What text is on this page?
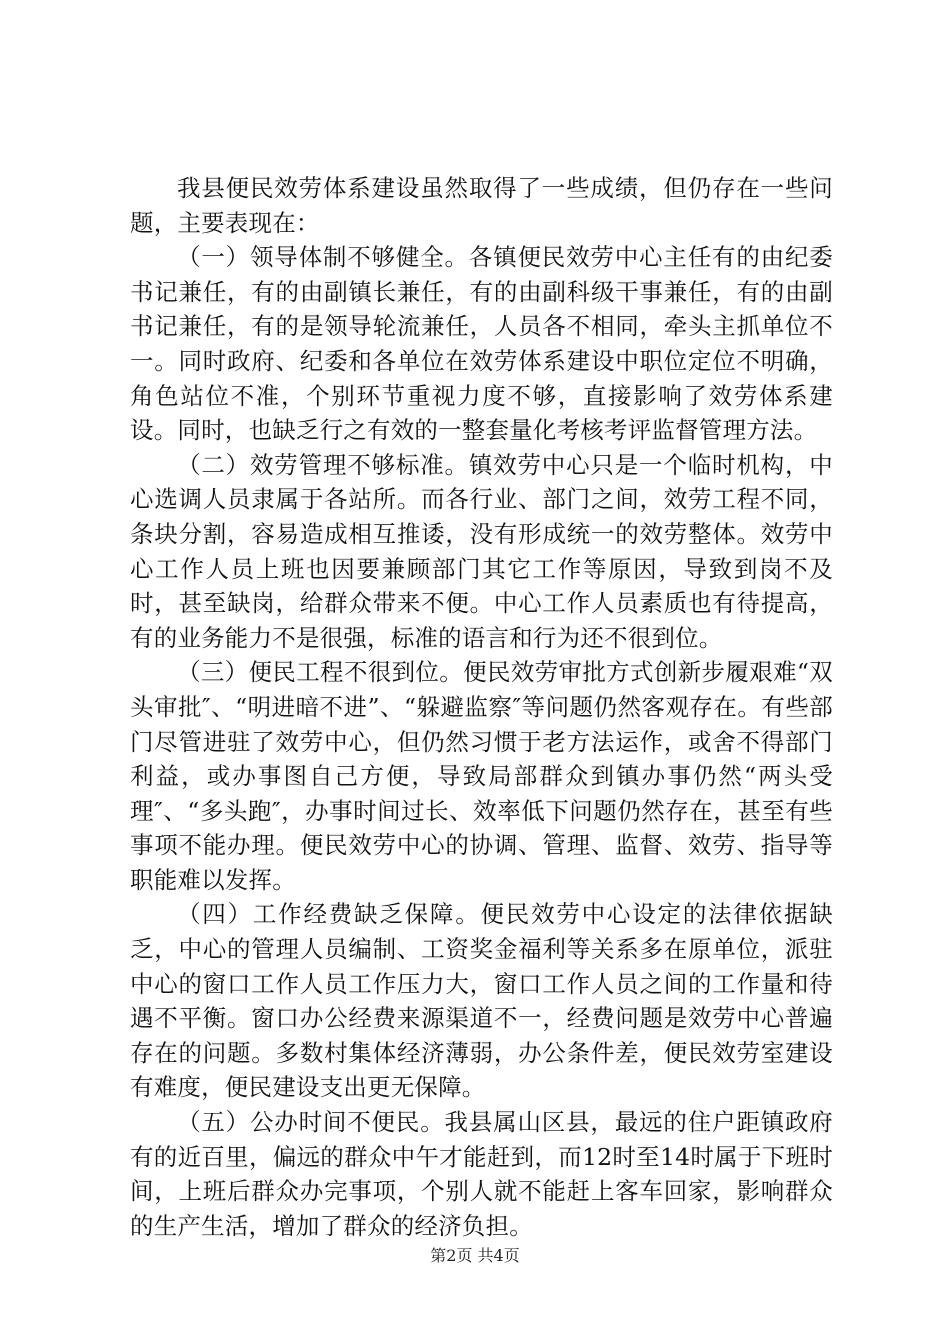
我县便民效劳体系建设虽然取得了一些成绩，但仍存在一些问题，主要表现在：

（一）领导体制不够健全。各镇便民效劳中心主任有的由纪委书记兼任，有的由副镇长兼任，有的由副科级干事兼任，有的由副书记兼任，有的是领导轮流兼任，人员各不相同，牵头主抓单位不一。同时政府、纪委和各单位在效劳体系建设中职位定位不明确，角色站位不准，个别环节重视力度不够，直接影响了效劳体系建设。同时，也缺乏行之有效的一整套量化考核考评监督管理方法。

（二）效劳管理不够标准。镇效劳中心只是一个临时机构，中心选调人员隶属于各站所。而各行业、部门之间，效劳工程不同，条块分割，容易造成相互推诿，没有形成统一的效劳整体。效劳中心工作人员上班也因要兼顾部门其它工作等原因，导致到岗不及时，甚至缺岗，给群众带来不便。中心工作人员素质也有待提高，有的业务能力不是很强，标准的语言和行为还不很到位。

（三）便民工程不很到位。便民效劳审批方式创新步履艰难“双头审批″、“明进暗不进”、“躲避监察″等问题仍然客观存在。有些部门尽管进驻了效劳中心，但仍然习惯于老方法运作，或舍不得部门利益，或办事图自己方便，导致局部群众到镇办事仍然“两头受理″、“多头跑″，办事时间过长、效率低下问题仍然存在，甚至有些事项不能办理。便民效劳中心的协调、管理、监督、效劳、指导等职能难以发挥。

（四）工作经费缺乏保障。便民效劳中心设定的法律依据缺乏，中心的管理人员编制、工资奖金福利等关系多在原单位，派驻中心的窗口工作人员工作压力大，窗口工作人员之间的工作量和待遇不平衡。窗口办公经费来源渠道不一，经费问题是效劳中心普遍存在的问题。多数村集体经济薄弱，办公条件差，便民效劳室建设有难度，便民建设支出更无保障。

（五）公办时间不便民。我县属山区县，最远的住户距镇政府有的近百里，偏远的群众中午才能赶到，而12时至14时属于下班时间，上班后群众办完事项，个别人就不能赶上客车回家，影响群众的生产生活，增加了群众的经济负担。

第2页 共4页
